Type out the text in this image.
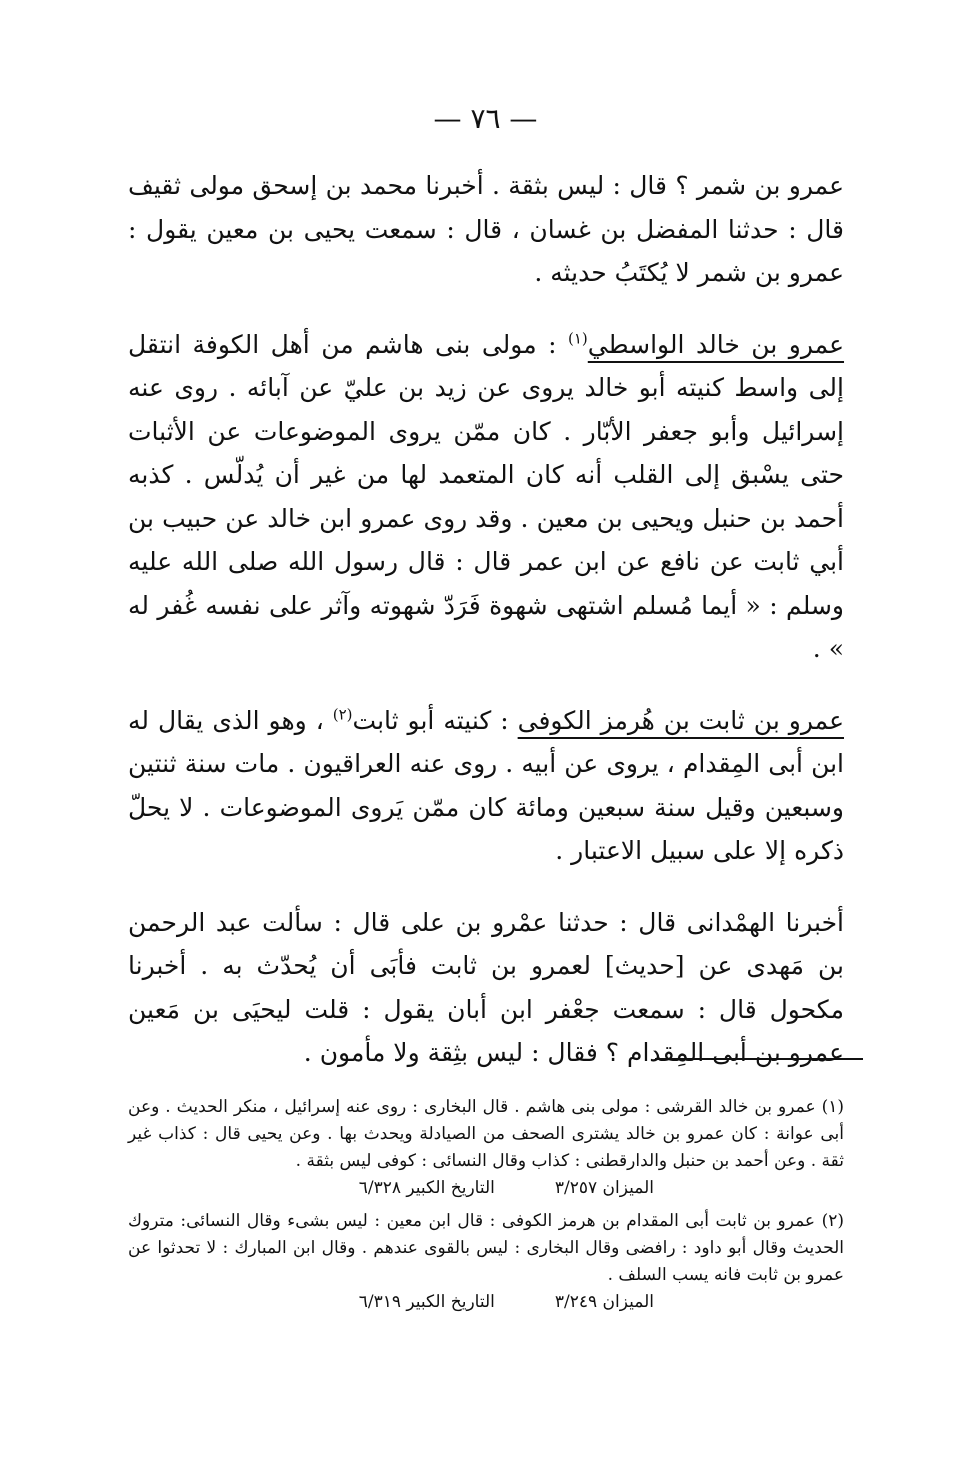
— ٧٦ —

عمرو بن شمر ؟ قال : ليس بثقة . أخبرنا محمد بن إسحق مولى ثقيف قال : حدثنا المفضل بن غسان ، قال : سمعت يحيى بن معين يقول : عمرو بن شمر لا يُكتَبُ حديثه .

عمرو بن خالد الواسطي$^{(١)}$ : مولى بنى هاشم من أهل الكوفة انتقل إلى واسط كنيته أبو خالد يروى عن زيد بن عليّ عن آبائه . روى عنه إسرائيل وأبو جعفر الأبّار . كان ممّن يروى الموضوعات عن الأثبات حتى يسْبق إلى القلب أنه كان المتعمد لها من غير أن يُدلّس . كذبه أحمد بن حنبل ويحيى بن معين . وقد روى عمرو ابن خالد عن حبيب بن أبي ثابت عن نافع عن ابن عمر قال : قال رسول الله صلى الله عليه وسلم : « أيما مُسلم اشتهى شهوة فَرَدّ شهوته وآثر على نفسه غُفر له » .

عمرو بن ثابت بن هُرمز الكوفى : كنيته أبو ثابت$^{(٢)}$ ، وهو الذى يقال له ابن أبى المِقدام ، يروى عن أبيه . روى عنه العراقيون . مات سنة ثنتين وسبعين وقيل سنة سبعين ومائة كان ممّن يَروى الموضوعات . لا يحلّ ذكره إلا على سبيل الاعتبار .

أخبرنا الهمْدانى قال : حدثنا عمْرو بن على قال : سألت عبد الرحمن بن مَهدى عن [حديث] لعمرو بن ثابت فأبَى أن يُحدّث به . أخبرنا مكحول قال : سمعت جعْفر ابن أبان يقول : قلت ليحيَى بن مَعين عمرو بن أبى المِقدام ؟ فقال : ليس بثِقة ولا مأمون .

(١) عمرو بن خالد القرشى : مولى بنى هاشم . قال البخارى : روى عنه إسرائيل ، منكر الحديث . وعن أبى عوانة : كان عمرو بن خالد يشترى الصحف من الصيادلة ويحدث بها . وعن يحيى قال : كذاب غير ثقة . وعن أحمد بن حنبل والدارقطنى : كذاب وقال النسائى : كوفى ليس بثقة .
الميزان ٣/٢٥٧
التاريخ الكبير ٦/٣٢٨
(٢) عمرو بن ثابت أبى المقدام بن هرمز الكوفى : قال ابن معين : ليس بشىء وقال النسائى: متروك الحديث وقال أبو داود : رافضى وقال البخارى : ليس بالقوى عندهم . وقال ابن المبارك : لا تحدثوا عن عمرو بن ثابت فانه يسب السلف .
الميزان ٣/٢٤٩
التاريخ الكبير ٦/٣١٩
